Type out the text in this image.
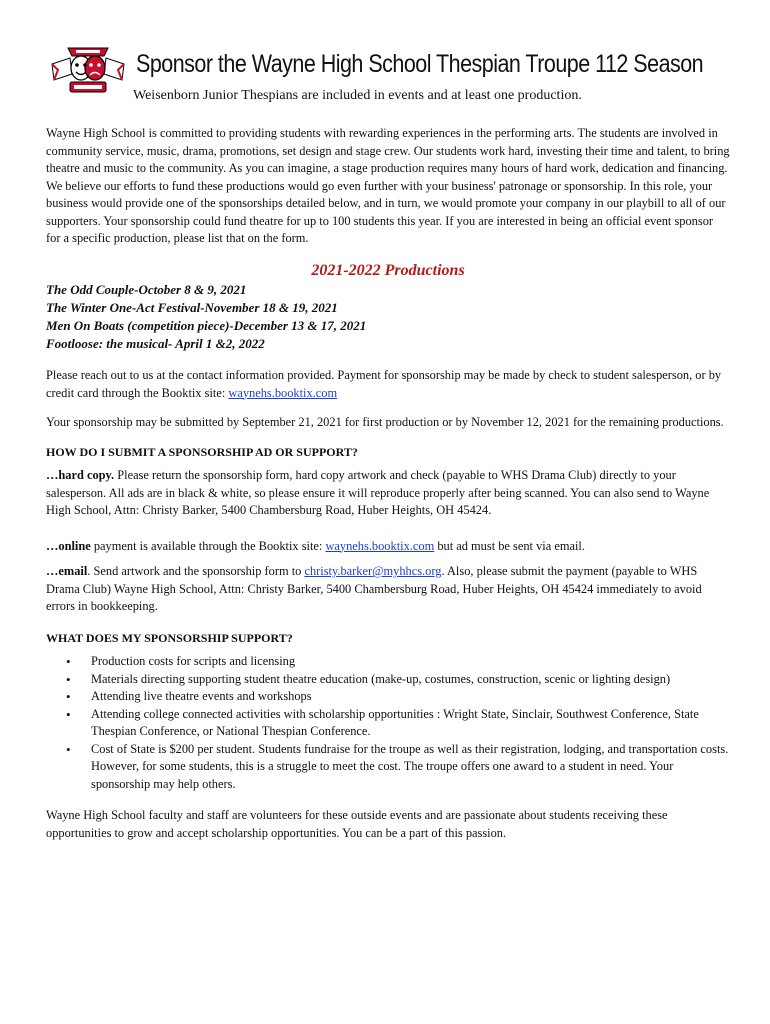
Sponsor the Wayne High School Thespian Troupe 112 Season
Weisenborn Junior Thespians are included in events and at least one production.

Wayne High School is committed to providing students with rewarding experiences in the performing arts. The students are involved in community service, music, drama, promotions, set design and stage crew. Our students work hard, investing their time and talent, to bring theatre and music to the community. As you can imagine, a stage production requires many hours of hard work, dedication and financing. We believe our efforts to fund these productions would go even further with your business' patronage or sponsorship. In this role, your business would provide one of the sponsorships detailed below, and in turn, we would promote your company in our playbill to all of our supporters. Your sponsorship could fund theatre for up to 100 students this year. If you are interested in being an official event sponsor for a specific production, please list that on the form.

2021-2022 Productions
The Odd Couple-October 8 & 9, 2021
The Winter One-Act Festival-November 18 & 19, 2021
Men On Boats (competition piece)-December 13 & 17, 2021
Footloose: the musical- April 1 &2, 2022

Please reach out to us at the contact information provided. Payment for sponsorship may be made by check to student salesperson, or by credit card through the Booktix site: waynehs.booktix.com

Your sponsorship may be submitted by September 21, 2021 for first production or by November 12, 2021 for the remaining productions.

HOW DO I SUBMIT A SPONSORSHIP AD OR SUPPORT?

…hard copy. Please return the sponsorship form, hard copy artwork and check (payable to WHS Drama Club) directly to your salesperson. All ads are in black & white, so please ensure it will reproduce properly after being scanned. You can also send to Wayne High School, Attn: Christy Barker, 5400 Chambersburg Road, Huber Heights, OH 45424.

…online payment is available through the Booktix site: waynehs.booktix.com but ad must be sent via email.

…email. Send artwork and the sponsorship form to christy.barker@myhhcs.org. Also, please submit the payment (payable to WHS Drama Club) Wayne High School, Attn: Christy Barker, 5400 Chambersburg Road, Huber Heights, OH 45424 immediately to avoid errors in bookkeeping.

WHAT DOES MY SPONSORSHIP SUPPORT?
• Production costs for scripts and licensing
• Materials directing supporting student theatre education (make-up, costumes, construction, scenic or lighting design)
• Attending live theatre events and workshops
• Attending college connected activities with scholarship opportunities : Wright State, Sinclair, Southwest Conference, State Thespian Conference, or National Thespian Conference.
• Cost of State is $200 per student. Students fundraise for the troupe as well as their registration, lodging, and transportation costs. However, for some students, this is a struggle to meet the cost. The troupe offers one award to a student in need. Your sponsorship may help others.

Wayne High School faculty and staff are volunteers for these outside events and are passionate about students receiving these opportunities to grow and accept scholarship opportunities. You can be a part of this passion.
